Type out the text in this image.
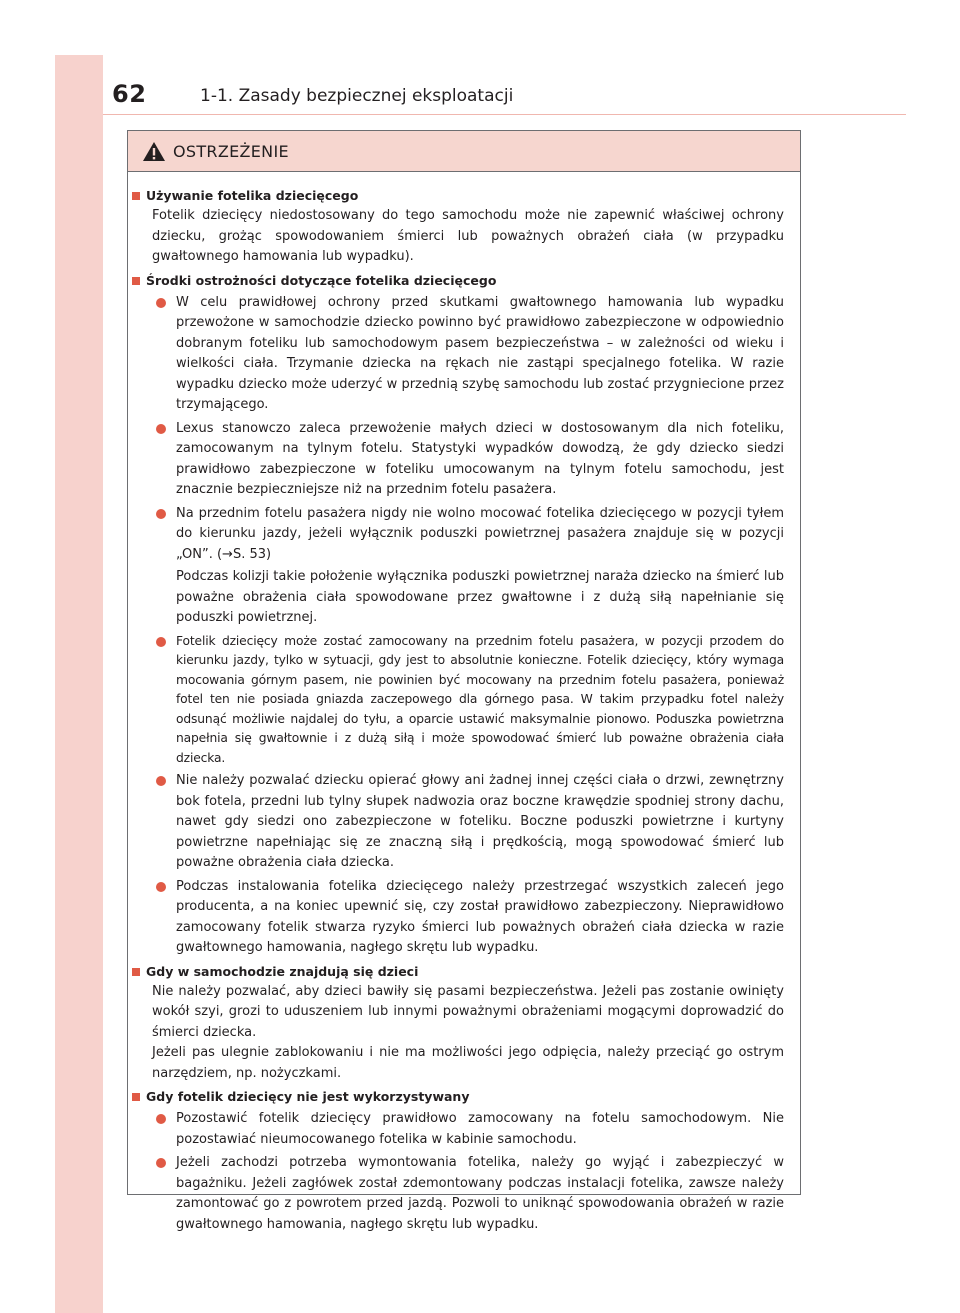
62	1-1. Zasady bezpiecznej eksploatacji
OSTRZEŻENIE
Używanie fotelika dziecięcego
Fotelik dziecięcy niedostosowany do tego samochodu może nie zapewnić właściwej ochrony dziecku, grożąc spowodowaniem śmierci lub poważnych obrażeń ciała (w przypadku gwałtownego hamowania lub wypadku).
Środki ostrożności dotyczące fotelika dziecięcego
W celu prawidłowej ochrony przed skutkami gwałtownego hamowania lub wypadku przewożone w samochodzie dziecko powinno być prawidłowo zabezpieczone w odpowiednio dobranym foteliku lub samochodowym pasem bezpieczeństwa – w zależności od wieku i wielkości ciała. Trzymanie dziecka na rękach nie zastąpi specjalnego fotelika. W razie wypadku dziecko może uderzyć w przednią szybę samochodu lub zostać przygniecione przez trzymającego.
Lexus stanowczo zaleca przewożenie małych dzieci w dostosowanym dla nich foteliku, zamocowanym na tylnym fotelu. Statystyki wypadków dowodzą, że gdy dziecko siedzi prawidłowo zabezpieczone w foteliku umocowanym na tylnym fotelu samochodu, jest znacznie bezpieczniejsze niż na przednim fotelu pasażera.
Na przednim fotelu pasażera nigdy nie wolno mocować fotelika dziecięcego w pozycji tyłem do kierunku jazdy, jeżeli wyłącznik poduszki powietrznej pasażera znajduje się w pozycji „ON”. (→S. 53)
Podczas kolizji takie położenie wyłącznika poduszki powietrznej naraża dziecko na śmierć lub poważne obrażenia ciała spowodowane przez gwałtowne i z dużą siłą napełnianie się poduszki powietrznej.
Fotelik dziecięcy może zostać zamocowany na przednim fotelu pasażera, w pozycji przodem do kierunku jazdy, tylko w sytuacji, gdy jest to absolutnie konieczne. Fotelik dziecięcy, który wymaga mocowania górnym pasem, nie powinien być mocowany na przednim fotelu pasażera, ponieważ fotel ten nie posiada gniazda zaczepowego dla górnego pasa. W takim przypadku fotel należy odsunąć możliwie najdalej do tyłu, a oparcie ustawić maksymalnie pionowo. Poduszka powietrzna napełnia się gwałtownie i z dużą siłą i może spowodować śmierć lub poważne obrażenia ciała dziecka.
Nie należy pozwalać dziecku opierać głowy ani żadnej innej części ciała o drzwi, zewnętrzny bok fotela, przedni lub tylny słupek nadwozia oraz boczne krawędzie spodniej strony dachu, nawet gdy siedzi ono zabezpieczone w foteliku. Boczne poduszki powietrzne i kurtyny powietrzne napełniając się ze znaczną siłą i prędkością, mogą spowodować śmierć lub poważne obrażenia ciała dziecka.
Podczas instalowania fotelika dziecięcego należy przestrzegać wszystkich zaleceń jego producenta, a na koniec upewnić się, czy został prawidłowo zabezpieczony. Nieprawidłowo zamocowany fotelik stwarza ryzyko śmierci lub poważnych obrażeń ciała dziecka w razie gwałtownego hamowania, nagłego skrętu lub wypadku.
Gdy w samochodzie znajdują się dzieci
Nie należy pozwalać, aby dzieci bawiły się pasami bezpieczeństwa. Jeżeli pas zostanie owinięty wokół szyi, grozi to uduszeniem lub innymi poważnymi obrażeniami mogącymi doprowadzić do śmierci dziecka.
Jeżeli pas ulegnie zablokowaniu i nie ma możliwości jego odpięcia, należy przeciąć go ostrym narzędziem, np. nożyczkami.
Gdy fotelik dziecięcy nie jest wykorzystywany
Pozostawić fotelik dziecięcy prawidłowo zamocowany na fotelu samochodowym. Nie pozostawiać nieumocowanego fotelika w kabinie samochodu.
Jeżeli zachodzi potrzeba wymontowania fotelika, należy go wyjąć i zabezpieczyć w bagażniku. Jeżeli zagłówek został zdemontowany podczas instalacji fotelika, zawsze należy zamontować go z powrotem przed jazdą. Pozwoli to uniknąć spowodowania obrażeń w razie gwałtownego hamowania, nagłego skrętu lub wypadku.
